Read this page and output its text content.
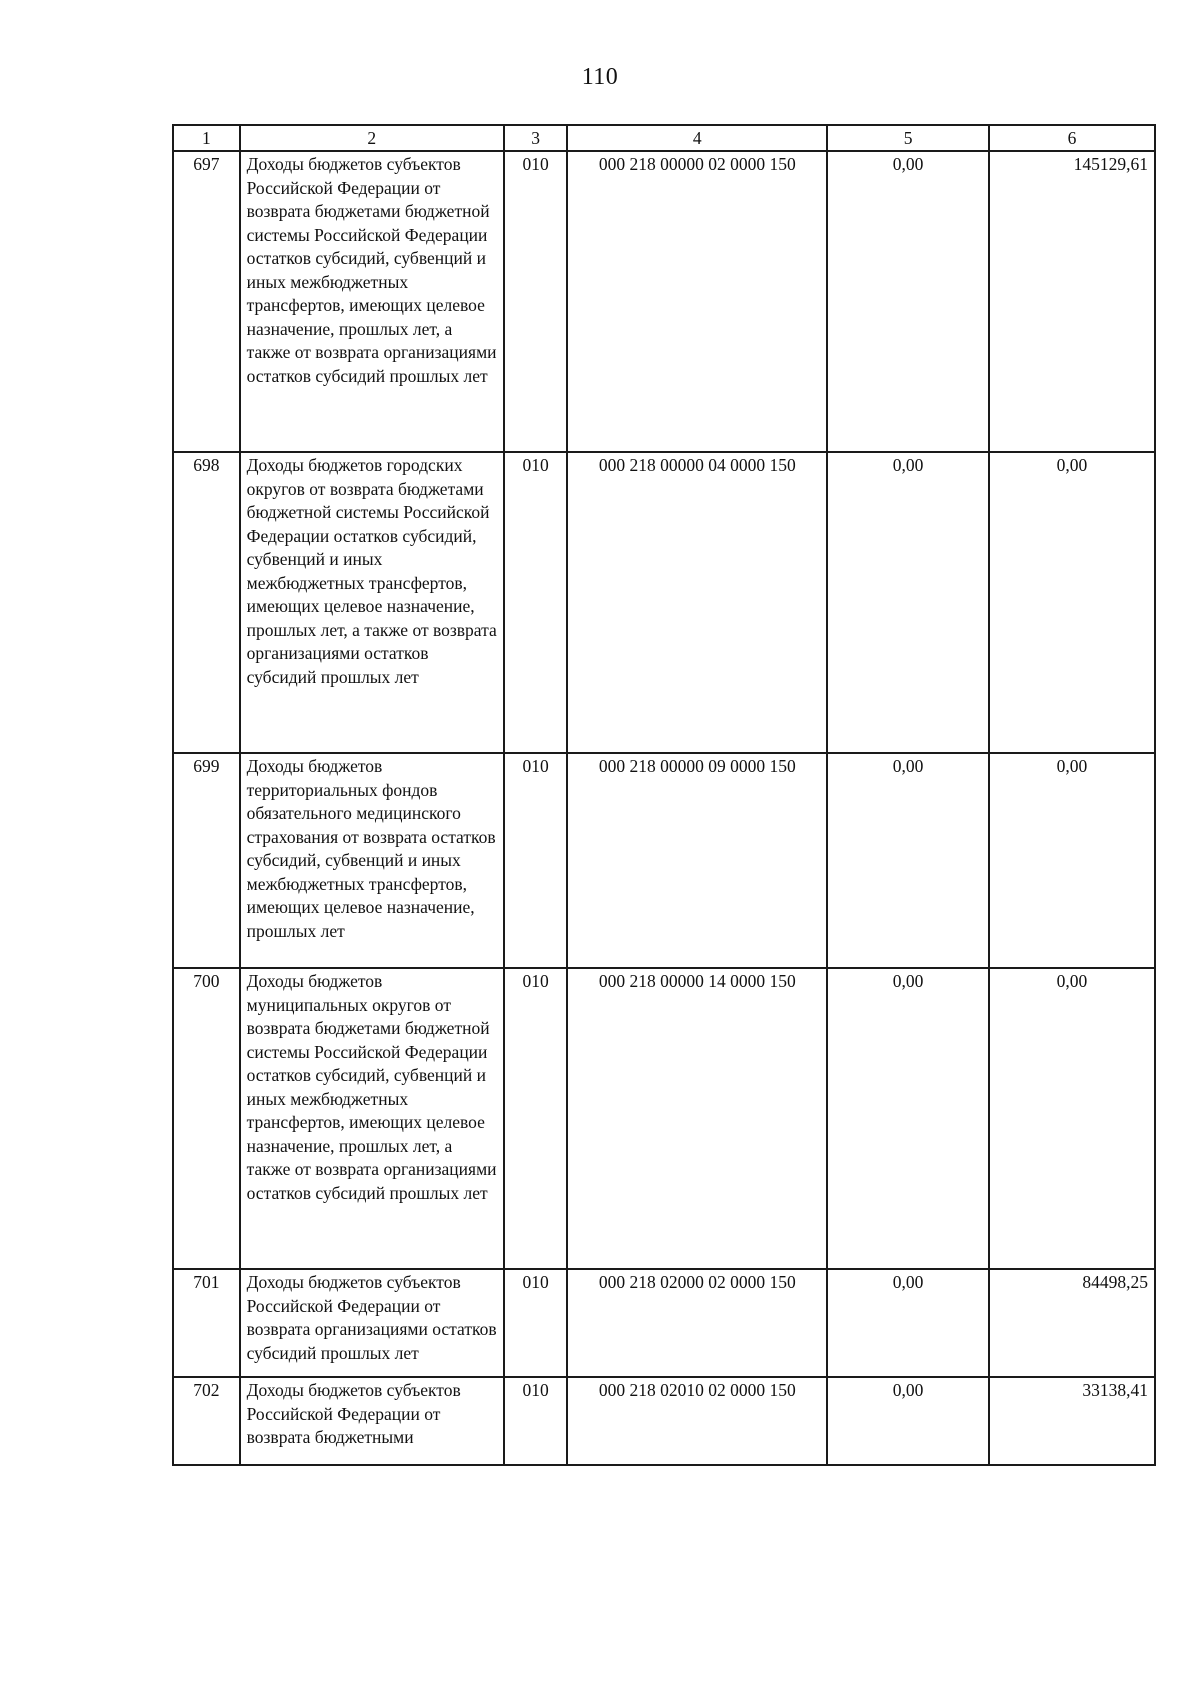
110
1	2	3	4	5	6
697	Доходы бюджетов субъектов Российской Федерации от возврата бюджетами бюджетной системы Российской Федерации остатков субсидий, субвенций и иных межбюджетных трансфертов, имеющих целевое назначение, прошлых лет, а также от возврата организациями остатков субсидий прошлых лет	010	000 218 00000 02 0000 150	0,00	145129,61
698	Доходы бюджетов городских округов от возврата бюджетами бюджетной системы Российской Федерации остатков субсидий, субвенций и иных межбюджетных трансфертов, имеющих целевое назначение, прошлых лет, а также от возврата организациями остатков субсидий прошлых лет	010	000 218 00000 04 0000 150	0,00	0,00
699	Доходы бюджетов территориальных фондов обязательного медицинского страхования от возврата остатков субсидий, субвенций и иных межбюджетных трансфертов, имеющих целевое назначение, прошлых лет	010	000 218 00000 09 0000 150	0,00	0,00
700	Доходы бюджетов муниципальных округов от возврата бюджетами бюджетной системы Российской Федерации остатков субсидий, субвенций и иных межбюджетных трансфертов, имеющих целевое назначение, прошлых лет, а также от возврата организациями остатков субсидий прошлых лет	010	000 218 00000 14 0000 150	0,00	0,00
701	Доходы бюджетов субъектов Российской Федерации от возврата организациями остатков субсидий прошлых лет	010	000 218 02000 02 0000 150	0,00	84498,25
702	Доходы бюджетов субъектов Российской Федерации от возврата бюджетными	010	000 218 02010 02 0000 150	0,00	33138,41
